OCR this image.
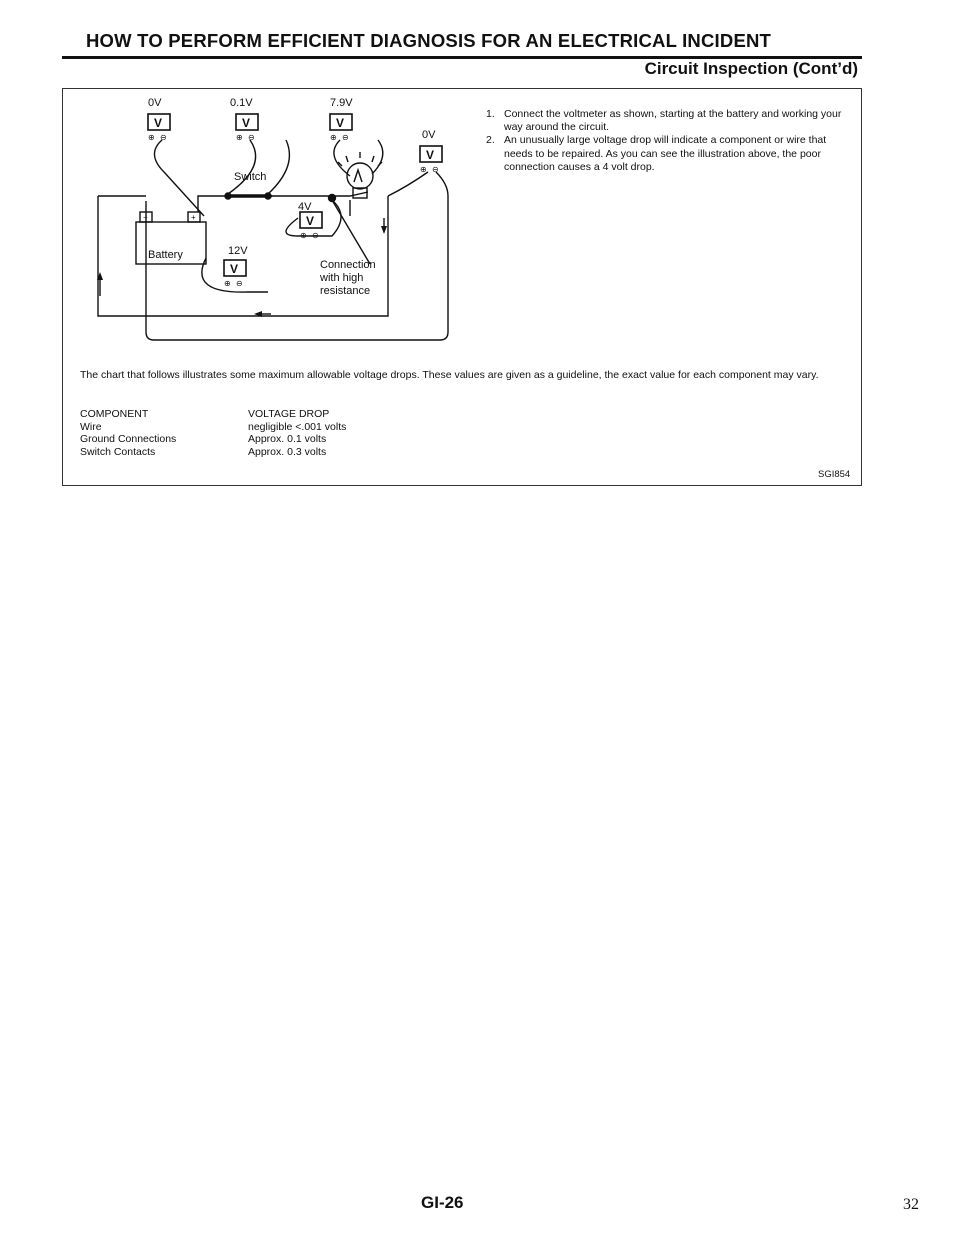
HOW TO PERFORM EFFICIENT DIAGNOSIS FOR AN ELECTRICAL INCIDENT
Circuit Inspection (Cont’d)
0V	0.1V	7.9V
0V
4V
12V
V	V	V
V
V
V
⊕ ⊖	⊕ ⊖	⊕ ⊖
⊕ ⊖
⊕ ⊖
⊕ ⊖
Switch
Battery
−	+
Connection
with high
resistance
1. Connect the voltmeter as shown, starting at the battery and working your way around the circuit.
2. An unusually large voltage drop will indicate a component or wire that needs to be repaired. As you can see the illustration above, the poor connection causes a 4 volt drop.
The chart that follows illustrates some maximum allowable voltage drops. These values are given as a guideline, the exact value for each component may vary.
COMPONENT	VOLTAGE DROP
Wire	negligible <.001 volts
Ground Connections	Approx. 0.1 volts
Switch Contacts	Approx. 0.3 volts
SGI854
GI-26	32
